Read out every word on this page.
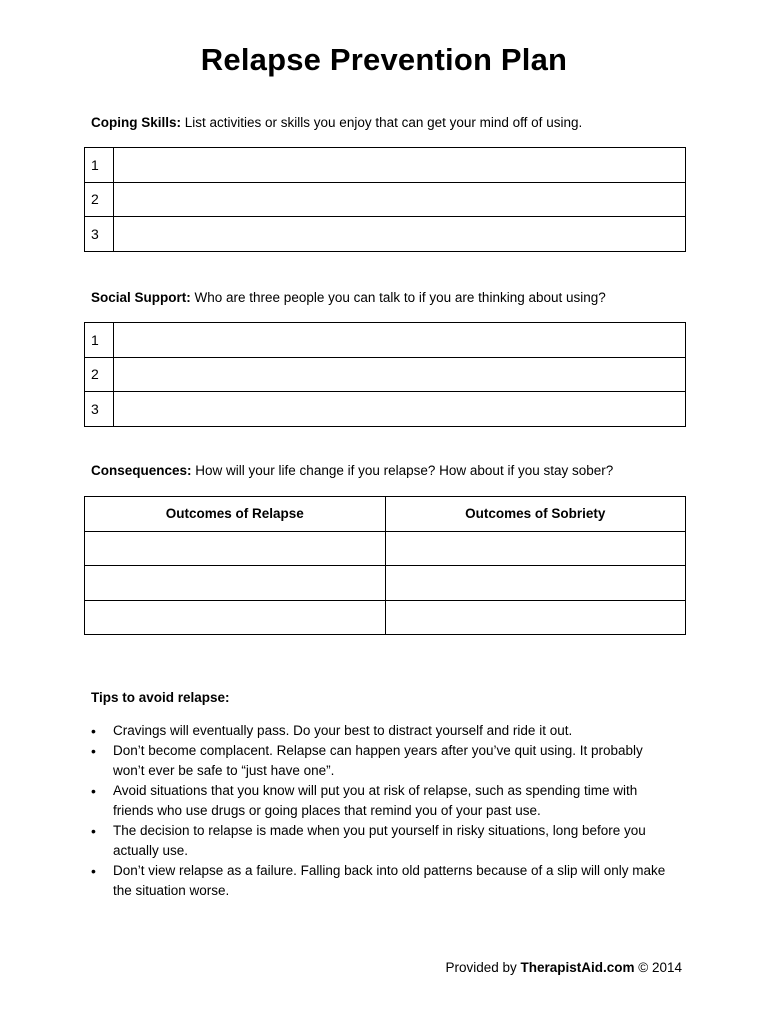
Relapse Prevention Plan
Coping Skills: List activities or skills you enjoy that can get your mind off of using.
1	
2	
3	
Social Support: Who are three people you can talk to if you are thinking about using?
1	
2	
3	
Consequences: How will your life change if you relapse? How about if you stay sober?
Outcomes of Relapse	Outcomes of Sobriety

Tips to avoid relapse:
• Cravings will eventually pass. Do your best to distract yourself and ride it out.
• Don’t become complacent. Relapse can happen years after you’ve quit using. It probably won’t ever be safe to “just have one”.
• Avoid situations that you know will put you at risk of relapse, such as spending time with friends who use drugs or going places that remind you of your past use.
• The decision to relapse is made when you put yourself in risky situations, long before you actually use.
• Don’t view relapse as a failure. Falling back into old patterns because of a slip will only make the situation worse.
Provided by TherapistAid.com © 2014
